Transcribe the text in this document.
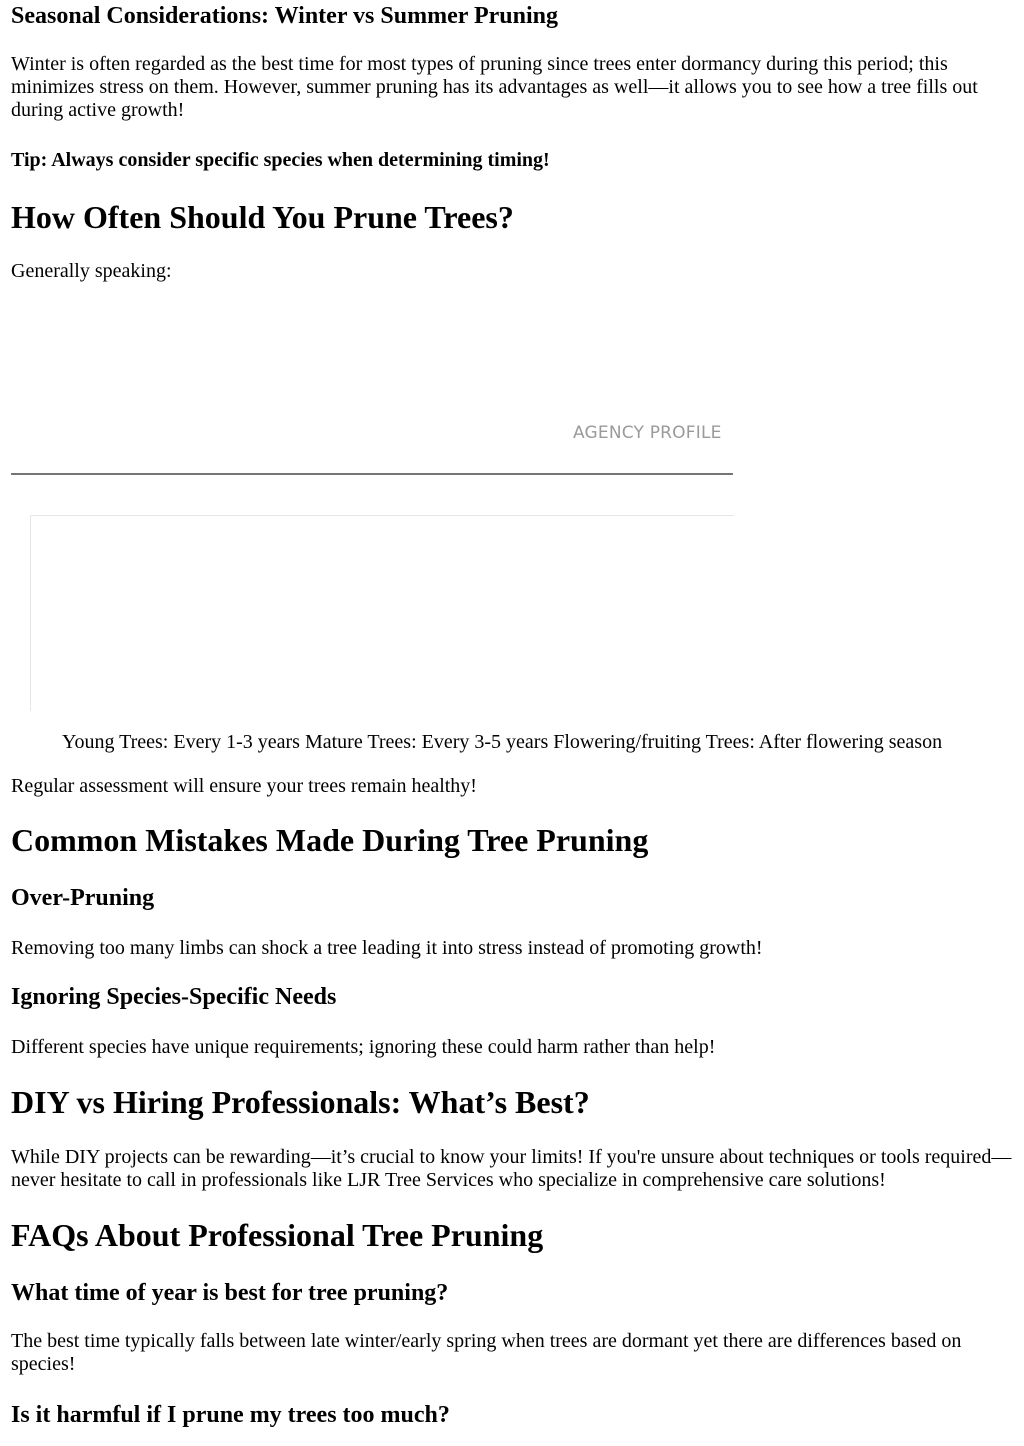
Seasonal Considerations: Winter vs Summer Pruning

Winter is often regarded as the best time for most types of pruning since trees enter dormancy during this period; this minimizes stress on them. However, summer pruning has its advantages as well—it allows you to see how a tree fills out during active growth!

Tip: Always consider specific species when determining timing!

How Often Should You Prune Trees?

Generally speaking:

AGENCY PROFILE

Young Trees: Every 1-3 years Mature Trees: Every 3-5 years Flowering/fruiting Trees: After flowering season

Regular assessment will ensure your trees remain healthy!

Common Mistakes Made During Tree Pruning
Over-Pruning

Removing too many limbs can shock a tree leading it into stress instead of promoting growth!

Ignoring Species-Specific Needs

Different species have unique requirements; ignoring these could harm rather than help!

DIY vs Hiring Professionals: What’s Best?

While DIY projects can be rewarding—it’s crucial to know your limits! If you're unsure about techniques or tools required—never hesitate to call in professionals like LJR Tree Services who specialize in comprehensive care solutions!

FAQs About Professional Tree Pruning
What time of year is best for tree pruning?

The best time typically falls between late winter/early spring when trees are dormant yet there are differences based on species!

Is it harmful if I prune my trees too much?
